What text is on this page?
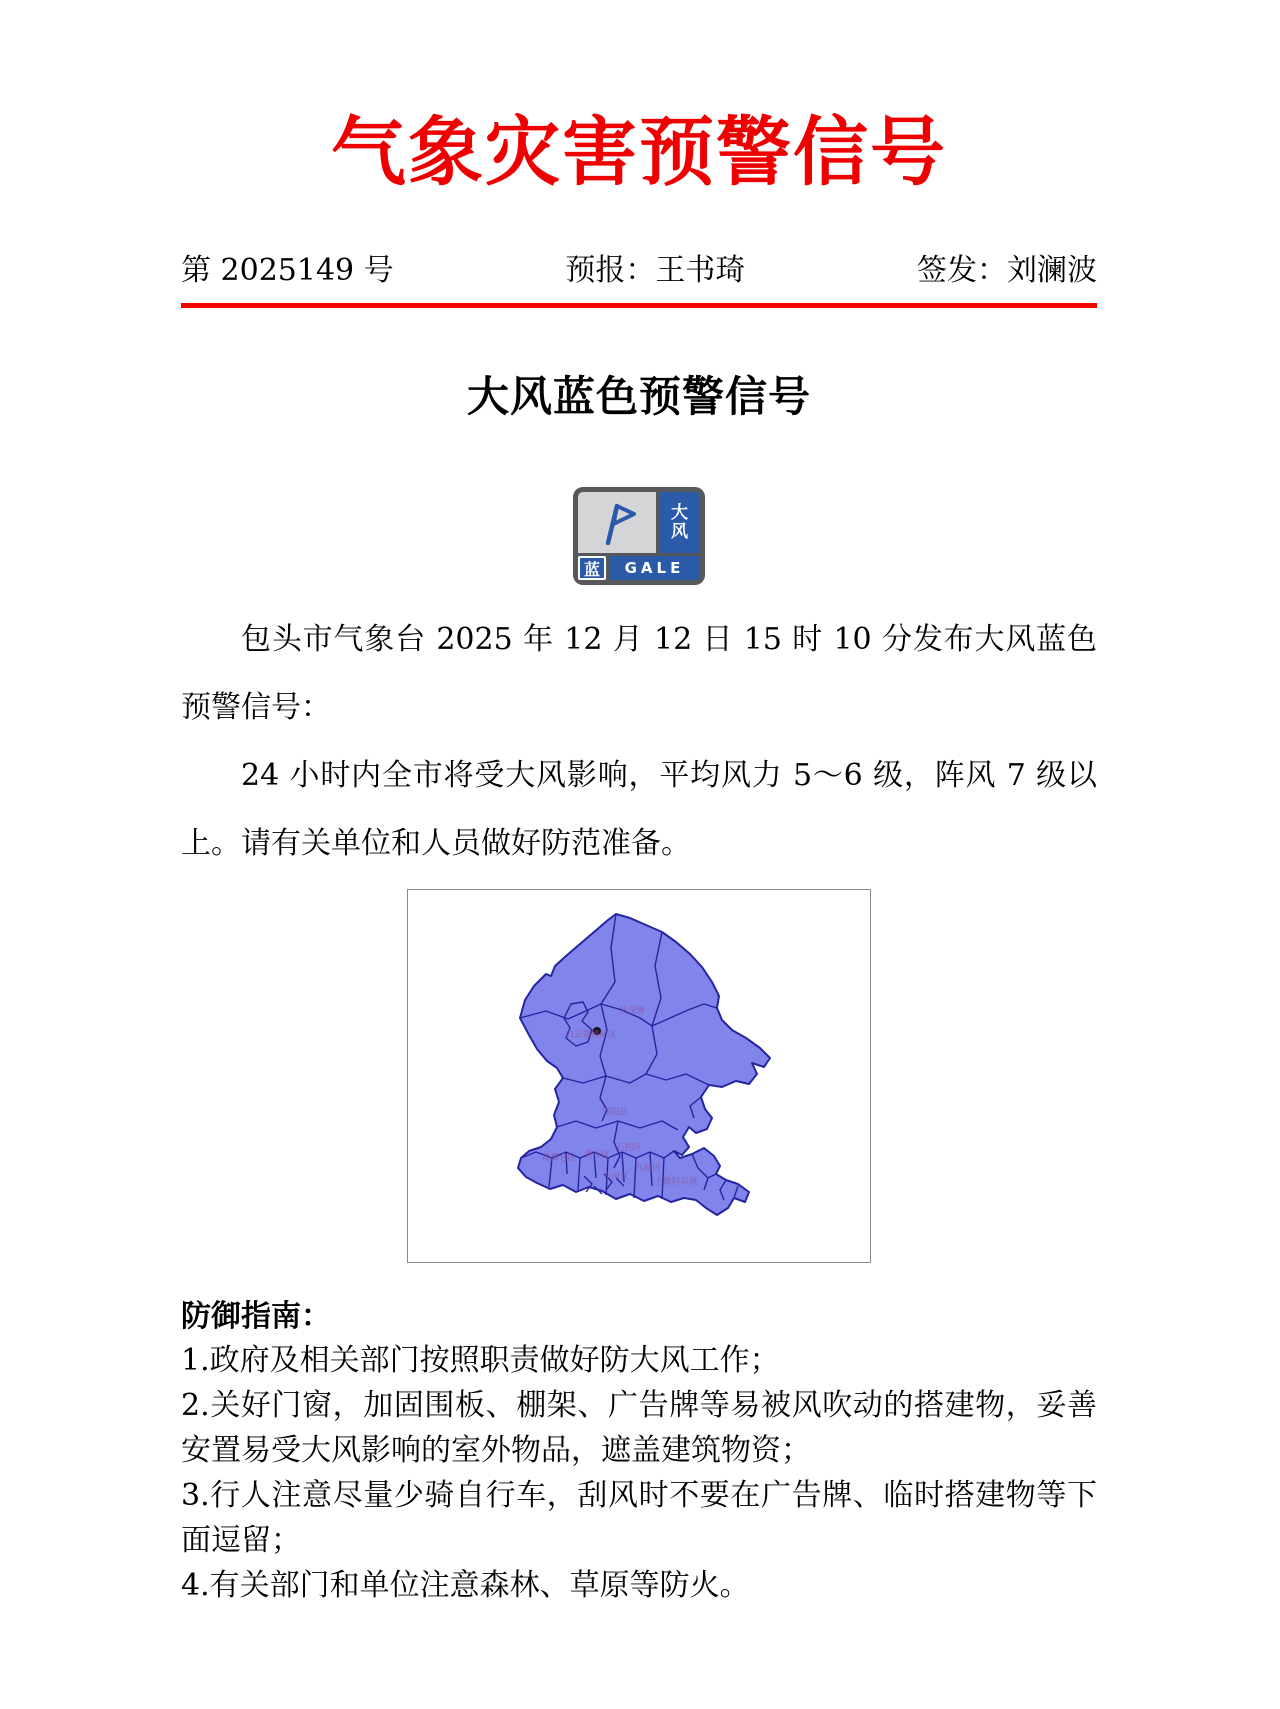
气象灾害预警信号
第 2025149 号	预报：王书琦	签发：刘澜波
大风蓝色预警信号
大风
蓝	GALE

包头市气象台 2025 年 12 月 12 日 15 时 10 分发布大风蓝色预警信号：

24 小时内全市将受大风影响，平均风力 5～6 级，阵风 7 级以上。请有关单位和人员做好防范准备。

达茂旗
白云鄂博矿区
固阳县
石拐区
青山区
昆都仑区
东河区
九原区
土默特右旗
防御指南：
1.政府及相关部门按照职责做好防大风工作；
2.关好门窗，加固围板、棚架、广告牌等易被风吹动的搭建物，妥善安置易受大风影响的室外物品，遮盖建筑物资；
3.行人注意尽量少骑自行车，刮风时不要在广告牌、临时搭建物等下面逗留；
4.有关部门和单位注意森林、草原等防火。
